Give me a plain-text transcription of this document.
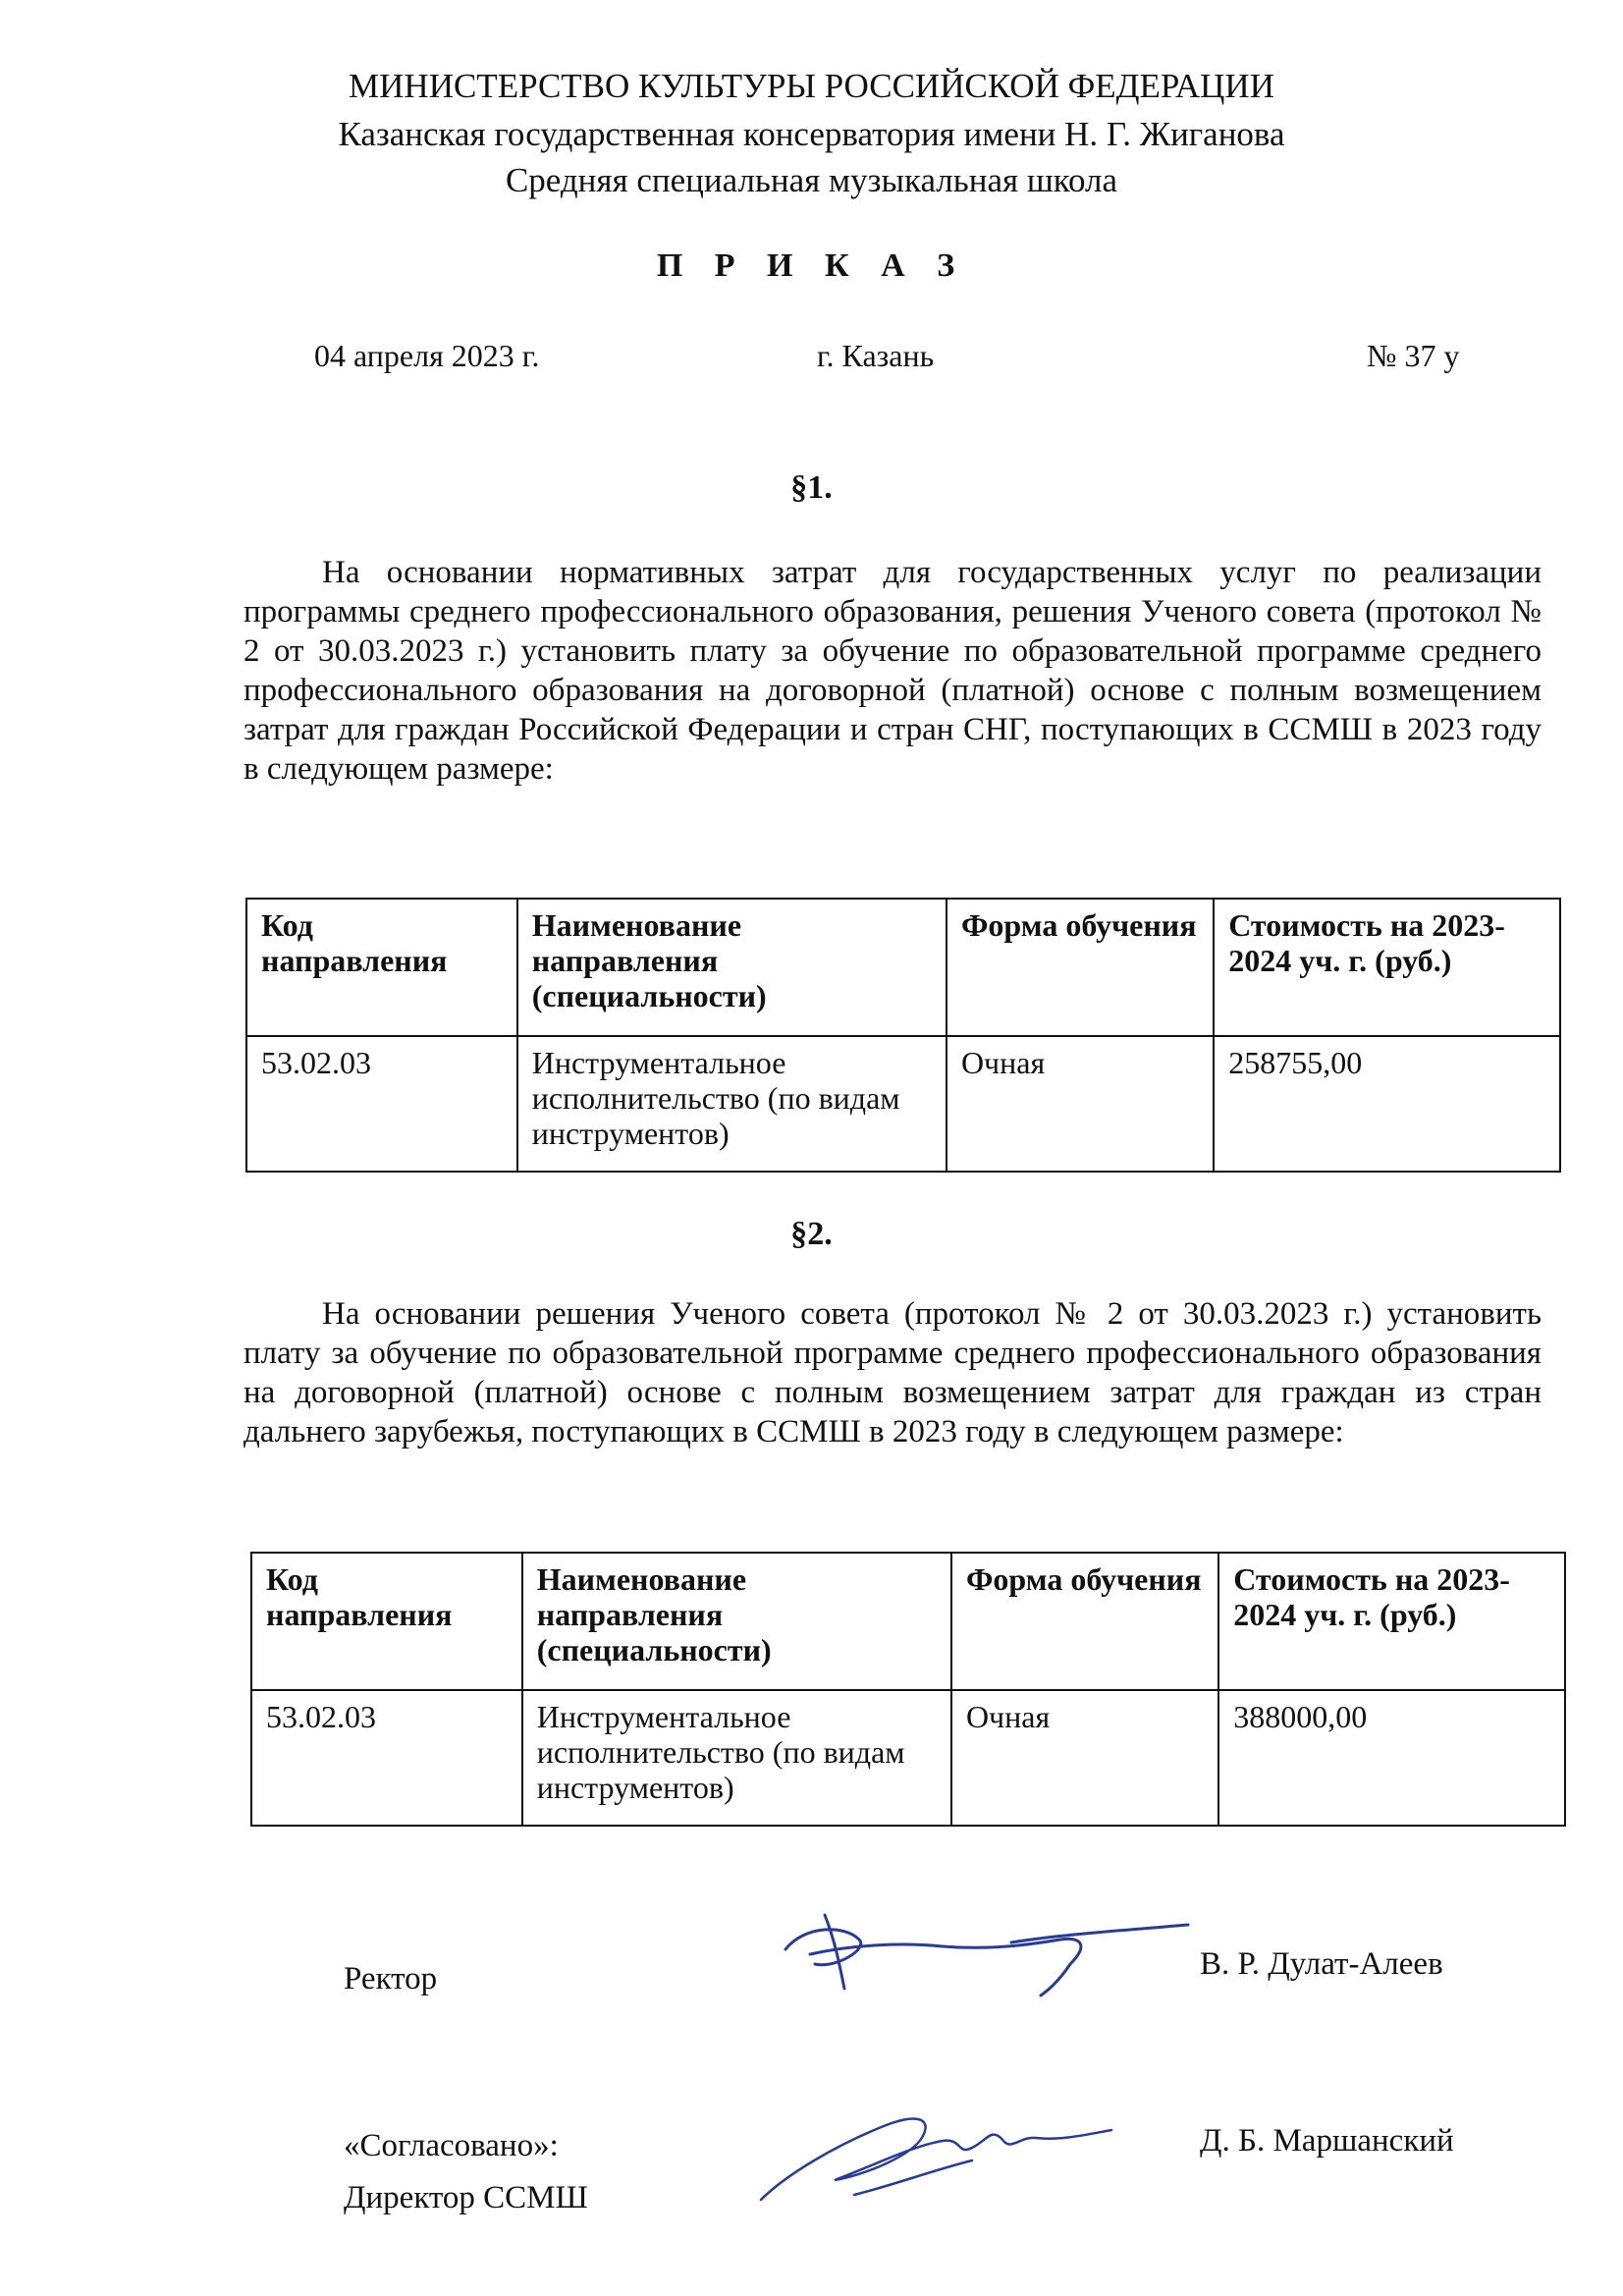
МИНИСТЕРСТВО КУЛЬТУРЫ РОССИЙСКОЙ ФЕДЕРАЦИИ
Казанская государственная консерватория имени Н. Г. Жиганова
Средняя специальная музыкальная школа
П Р И К А З
04 апреля 2023 г.	г. Казань	№ 37 у
§1.

На основании нормативных затрат для государственных услуг по реализации программы среднего профессионального образования, решения Ученого совета (протокол № 2 от 30.03.2023 г.) установить плату за обучение по образовательной программе среднего профессионального образования на договорной (платной) основе с полным возмещением затрат для граждан Российской Федерации и стран СНГ, поступающих в ССМШ в 2023 году в следующем размере:

Код направления	Наименование направления (специальности)	Форма обучения	Стоимость на 2023-2024 уч. г. (руб.)
53.02.03	Инструментальное исполнительство (по видам инструментов)	Очная	258755,00
§2.

На основании решения Ученого совета (протокол № 2 от 30.03.2023 г.) установить плату за обучение по образовательной программе среднего профессионального образования на договорной (платной) основе с полным возмещением затрат для граждан из стран дальнего зарубежья, поступающих в ССМШ в 2023 году в следующем размере:

Код направления	Наименование направления (специальности)	Форма обучения	Стоимость на 2023-2024 уч. г. (руб.)
53.02.03	Инструментальное исполнительство (по видам инструментов)	Очная	388000,00
Ректор	В. Р. Дулат-Алеев
«Согласовано»:
Директор ССМШ
Д. Б. Маршанский
